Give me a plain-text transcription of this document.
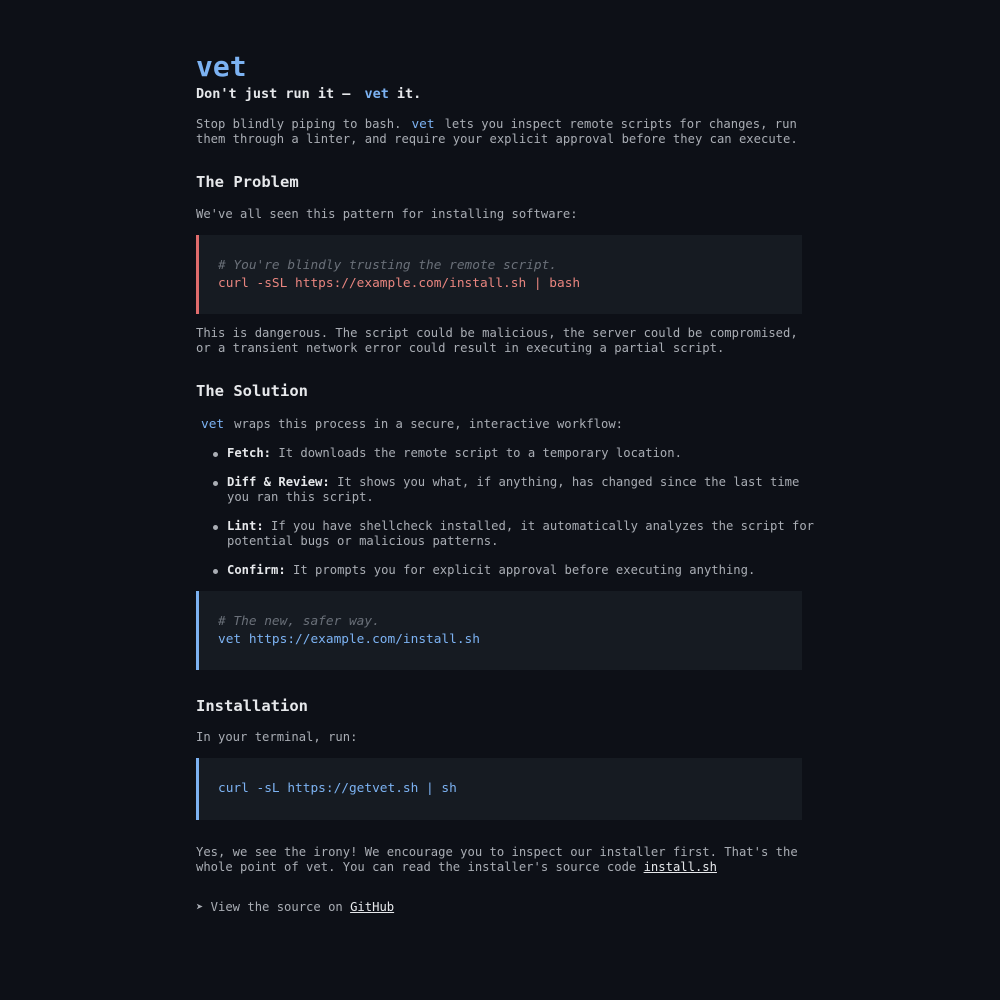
vet

Don't just run it — vet it.

Stop blindly piping to bash. vet lets you inspect remote scripts for changes, run them through a linter, and require your explicit approval before they can execute.

The Problem

We've all seen this pattern for installing software:

# You're blindly trusting the remote script.
curl -sSL https://example.com/install.sh | bash

This is dangerous. The script could be malicious, the server could be compromised, or a transient network error could result in executing a partial script.

The Solution

vet wraps this process in a secure, interactive workflow:

Fetch: It downloads the remote script to a temporary location.
Diff & Review: It shows you what, if anything, has changed since the last time you ran this script.
Lint: If you have shellcheck installed, it automatically analyzes the script for potential bugs or malicious patterns.
Confirm: It prompts you for explicit approval before executing anything.
# The new, safer way.
vet https://example.com/install.sh
Installation

In your terminal, run:

curl -sL https://getvet.sh | sh

Yes, we see the irony! We encourage you to inspect our installer first. That's the whole point of vet. You can read the installer's source code install.sh

➤ View the source on GitHub
